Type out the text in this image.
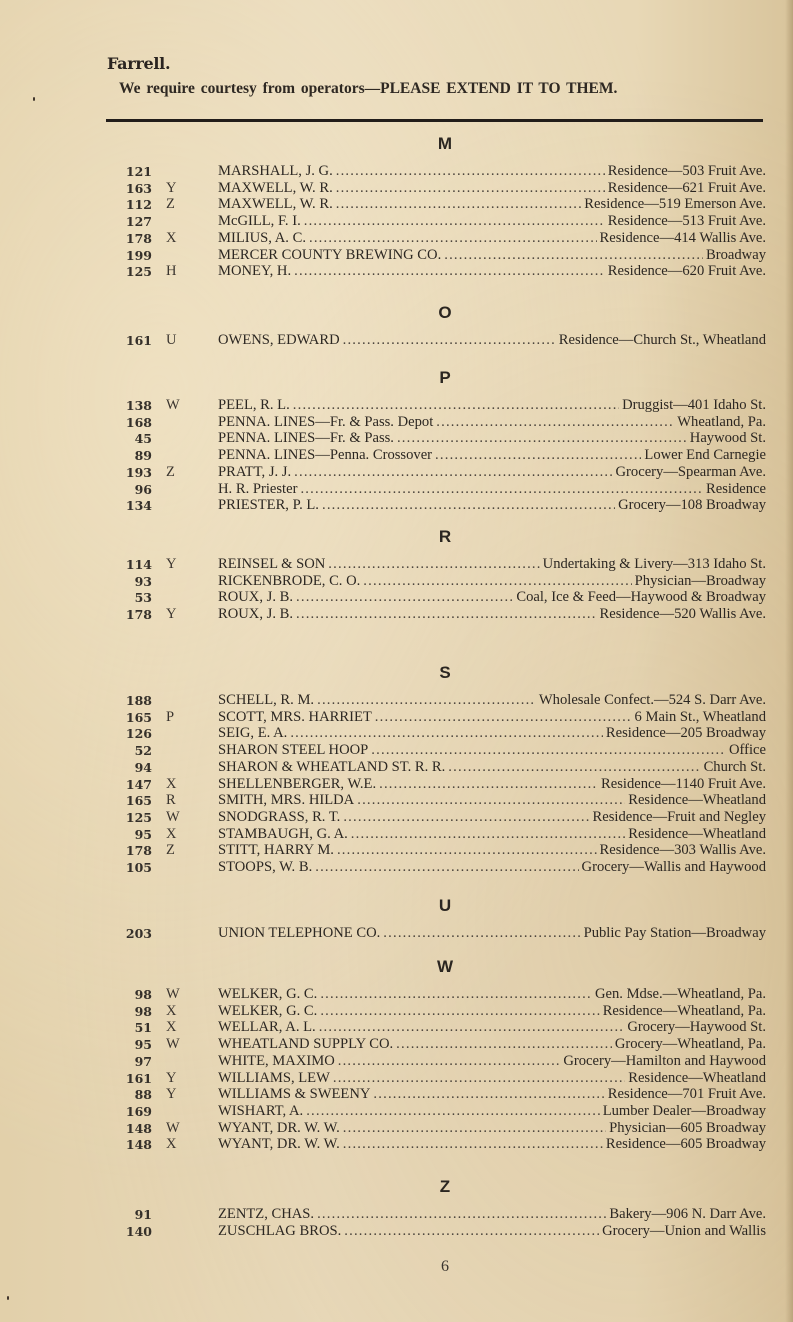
Farrell.
We require courtesy from operators—PLEASE EXTEND IT TO THEM.
M
121	MARSHALL, J. G. .....	Residence—503 Fruit Ave.
163 Y	MAXWELL, W. R. .....	Residence—621 Fruit Ave.
112 Z	MAXWELL, W. R. .....	Residence—519 Emerson Ave.
127	McGILL, F. I. .....	Residence—513 Fruit Ave.
178 X	MILIUS, A. C. .....	Residence—414 Wallis Ave.
199	MERCER COUNTY BREWING CO. .....	Broadway
125 H	MONEY, H. .....	Residence—620 Fruit Ave.
O
161 U	OWENS, EDWARD .....	Residence—Church St., Wheatland
P
138 W	PEEL, R. L. .....	Druggist—401 Idaho St.
168	PENNA. LINES—Fr. & Pass. Depot .....	Wheatland, Pa.
45	PENNA. LINES—Fr. & Pass. .....	Haywood St.
89	PENNA. LINES—Penna. Crossover .....	Lower End Carnegie
193 Z	PRATT, J. J. .....	Grocery—Spearman Ave.
96	H. R. Priester .....	Residence
134	PRIESTER, P. L. .....	Grocery—108 Broadway
R
114 Y	REINSEL & SON .....	Undertaking & Livery—313 Idaho St.
93	RICKENBRODE, C. O. .....	Physician—Broadway
53	ROUX, J. B. .....	Coal, Ice & Feed—Haywood & Broadway
178 Y	ROUX, J. B. .....	Residence—520 Wallis Ave.
S
188	SCHELL, R. M. .....	Wholesale Confect.—524 S. Darr Ave.
165 P	SCOTT, MRS. HARRIET .....	6 Main St., Wheatland
126	SEIG, E. A. .....	Residence—205 Broadway
52	SHARON STEEL HOOP .....	Office
94	SHARON & WHEATLAND ST. R. R. .....	Church St.
147 X	SHELLENBERGER, W.E. .....	Residence—1140 Fruit Ave.
165 R	SMITH, MRS. HILDA .....	Residence—Wheatland
125 W	SNODGRASS, R. T. .....	Residence—Fruit and Negley
95 X	STAMBAUGH, G. A. .....	Residence—Wheatland
178 Z	STITT, HARRY M. .....	Residence—303 Wallis Ave.
105	STOOPS, W. B. .....	Grocery—Wallis and Haywood
U
203	UNION TELEPHONE CO. .....	Public Pay Station—Broadway
W
98 W	WELKER, G. C. .....	Gen. Mdse.—Wheatland, Pa.
98 X	WELKER, G. C. .....	Residence—Wheatland, Pa.
51 X	WELLAR, A. L. .....	Grocery—Haywood St.
95 W	WHEATLAND SUPPLY CO. .....	Grocery—Wheatland, Pa.
97	WHITE, MAXIMO .....	Grocery—Hamilton and Haywood
161 Y	WILLIAMS, LEW .....	Residence—Wheatland
88 Y	WILLIAMS & SWEENY .....	Residence—701 Fruit Ave.
169	WISHART, A. .....	Lumber Dealer—Broadway
148 W	WYANT, DR. W. W. .....	Physician—605 Broadway
148 X	WYANT, DR. W. W. .....	Residence—605 Broadway
Z
91	ZENTZ, CHAS. .....	Bakery—906 N. Darr Ave.
140	ZUSCHLAG BROS. .....	Grocery—Union and Wallis
6
